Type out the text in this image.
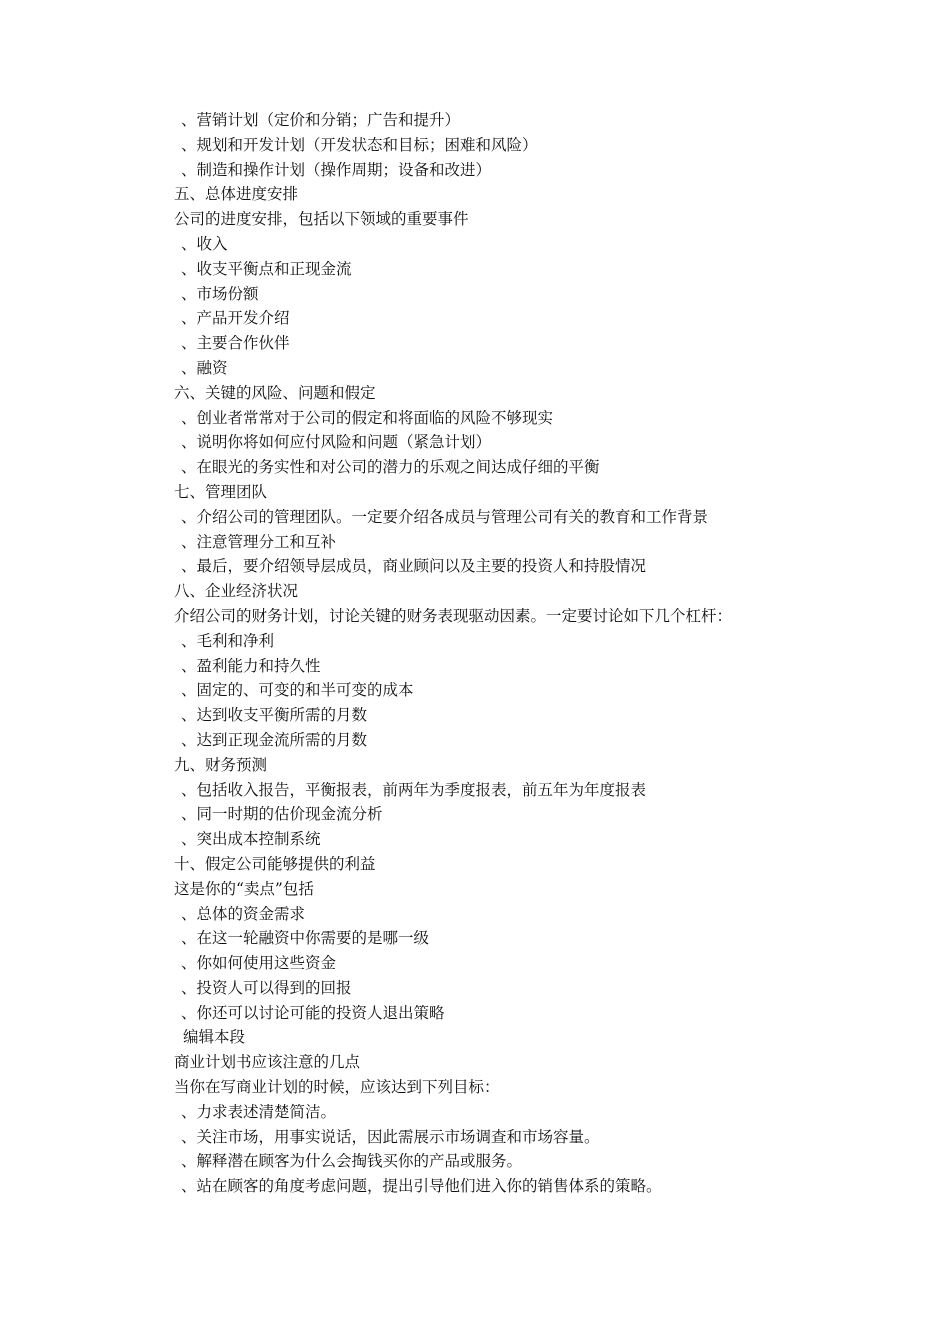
、营销计划（定价和分销；广告和提升）
、规划和开发计划（开发状态和目标；困难和风险）
、制造和操作计划（操作周期；设备和改进）
五、总体进度安排
公司的进度安排，包括以下领域的重要事件
、收入
、收支平衡点和正现金流
、市场份额
、产品开发介绍
、主要合作伙伴
、融资
六、关键的风险、问题和假定
、创业者常常对于公司的假定和将面临的风险不够现实
、说明你将如何应付风险和问题（紧急计划）
、在眼光的务实性和对公司的潜力的乐观之间达成仔细的平衡
七、管理团队
、介绍公司的管理团队。一定要介绍各成员与管理公司有关的教育和工作背景
、注意管理分工和互补
、最后，要介绍领导层成员，商业顾问以及主要的投资人和持股情况
八、企业经济状况
介绍公司的财务计划，讨论关键的财务表现驱动因素。一定要讨论如下几个杠杆：
、毛利和净利
、盈利能力和持久性
、固定的、可变的和半可变的成本
、达到收支平衡所需的月数
、达到正现金流所需的月数
九、财务预测
、包括收入报告，平衡报表，前两年为季度报表，前五年为年度报表
、同一时期的估价现金流分析
、突出成本控制系统
十、假定公司能够提供的利益
这是你的“卖点”包括
、总体的资金需求
、在这一轮融资中你需要的是哪一级
、你如何使用这些资金
、投资人可以得到的回报
、你还可以讨论可能的投资人退出策略
编辑本段
商业计划书应该注意的几点
当你在写商业计划的时候，应该达到下列目标：
、力求表述清楚简洁。
、关注市场，用事实说话，因此需展示市场调查和市场容量。
、解释潜在顾客为什么会掏钱买你的产品或服务。
、站在顾客的角度考虑问题，提出引导他们进入你的销售体系的策略。
